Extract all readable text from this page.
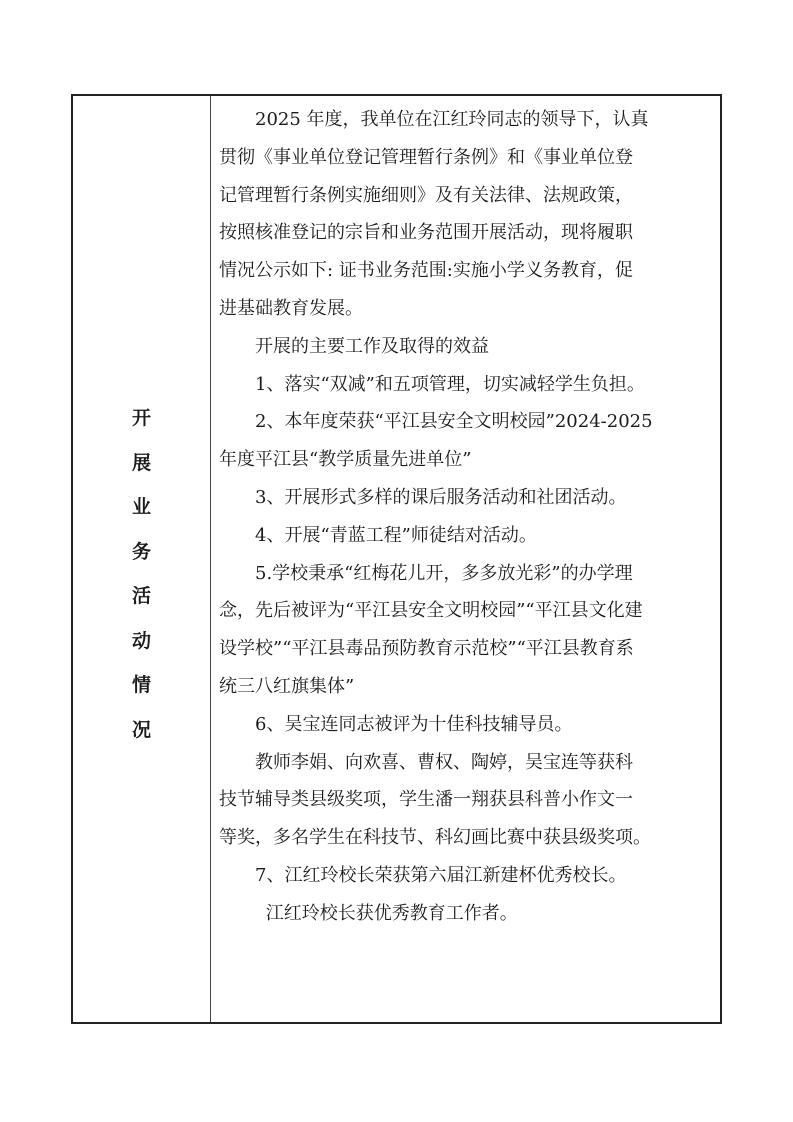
开
展
业
务
活
动
情
况

2025 年度，我单位在江红玲同志的领导下，认真

贯彻《事业单位登记管理暂行条例》和《事业单位登

记管理暂行条例实施细则》及有关法律、法规政策，

按照核准登记的宗旨和业务范围开展活动，现将履职

情况公示如下: 证书业务范围:实施小学义务教育，促

进基础教育发展。

开展的主要工作及取得的效益

1、落实“双减”和五项管理，切实减轻学生负担。

2、本年度荣获“平江县安全文明校园”2024-2025

年度平江县“教学质量先进单位”

3、开展形式多样的课后服务活动和社团活动。

4、开展“青蓝工程”师徒结对活动。

5.学校秉承“红梅花儿开，多多放光彩”的办学理

念，先后被评为“平江县安全文明校园”“平江县文化建

设学校”“平江县毒品预防教育示范校”“平江县教育系

统三八红旗集体”

6、吴宝连同志被评为十佳科技辅导员。

教师李娟、向欢喜、曹权、陶婷，吴宝连等获科

技节辅导类县级奖项，学生潘一翔获县科普小作文一

等奖，多名学生在科技节、科幻画比赛中获县级奖项。

7、江红玲校长荣获第六届江新建杯优秀校长。

江红玲校长获优秀教育工作者。
